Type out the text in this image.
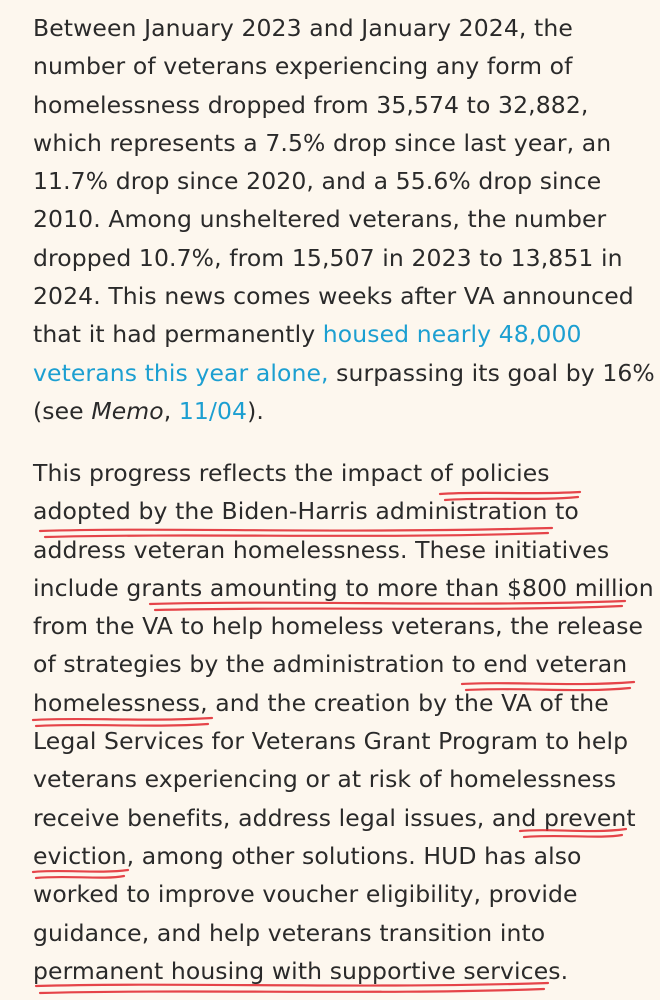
Between January 2023 and January 2024, the
number of veterans experiencing any form of
homelessness dropped from 35,574 to 32,882,
which represents a 7.5% drop since last year, an
11.7% drop since 2020, and a 55.6% drop since
2010. Among unsheltered veterans, the number
dropped 10.7%, from 15,507 in 2023 to 13,851 in
2024. This news comes weeks after VA announced
that it had permanently housed nearly 48,000
veterans this year alone, surpassing its goal by 16%
(see Memo, 11/04).
This progress reflects the impact of policies
adopted by the Biden-Harris administration to
address veteran homelessness. These initiatives
include grants amounting to more than $800 million
from the VA to help homeless veterans, the release
of strategies by the administration to end veteran
homelessness, and the creation by the VA of the
Legal Services for Veterans Grant Program to help
veterans experiencing or at risk of homelessness
receive benefits, address legal issues, and prevent
eviction, among other solutions. HUD has also
worked to improve voucher eligibility, provide
guidance, and help veterans transition into
permanent housing with supportive services.
